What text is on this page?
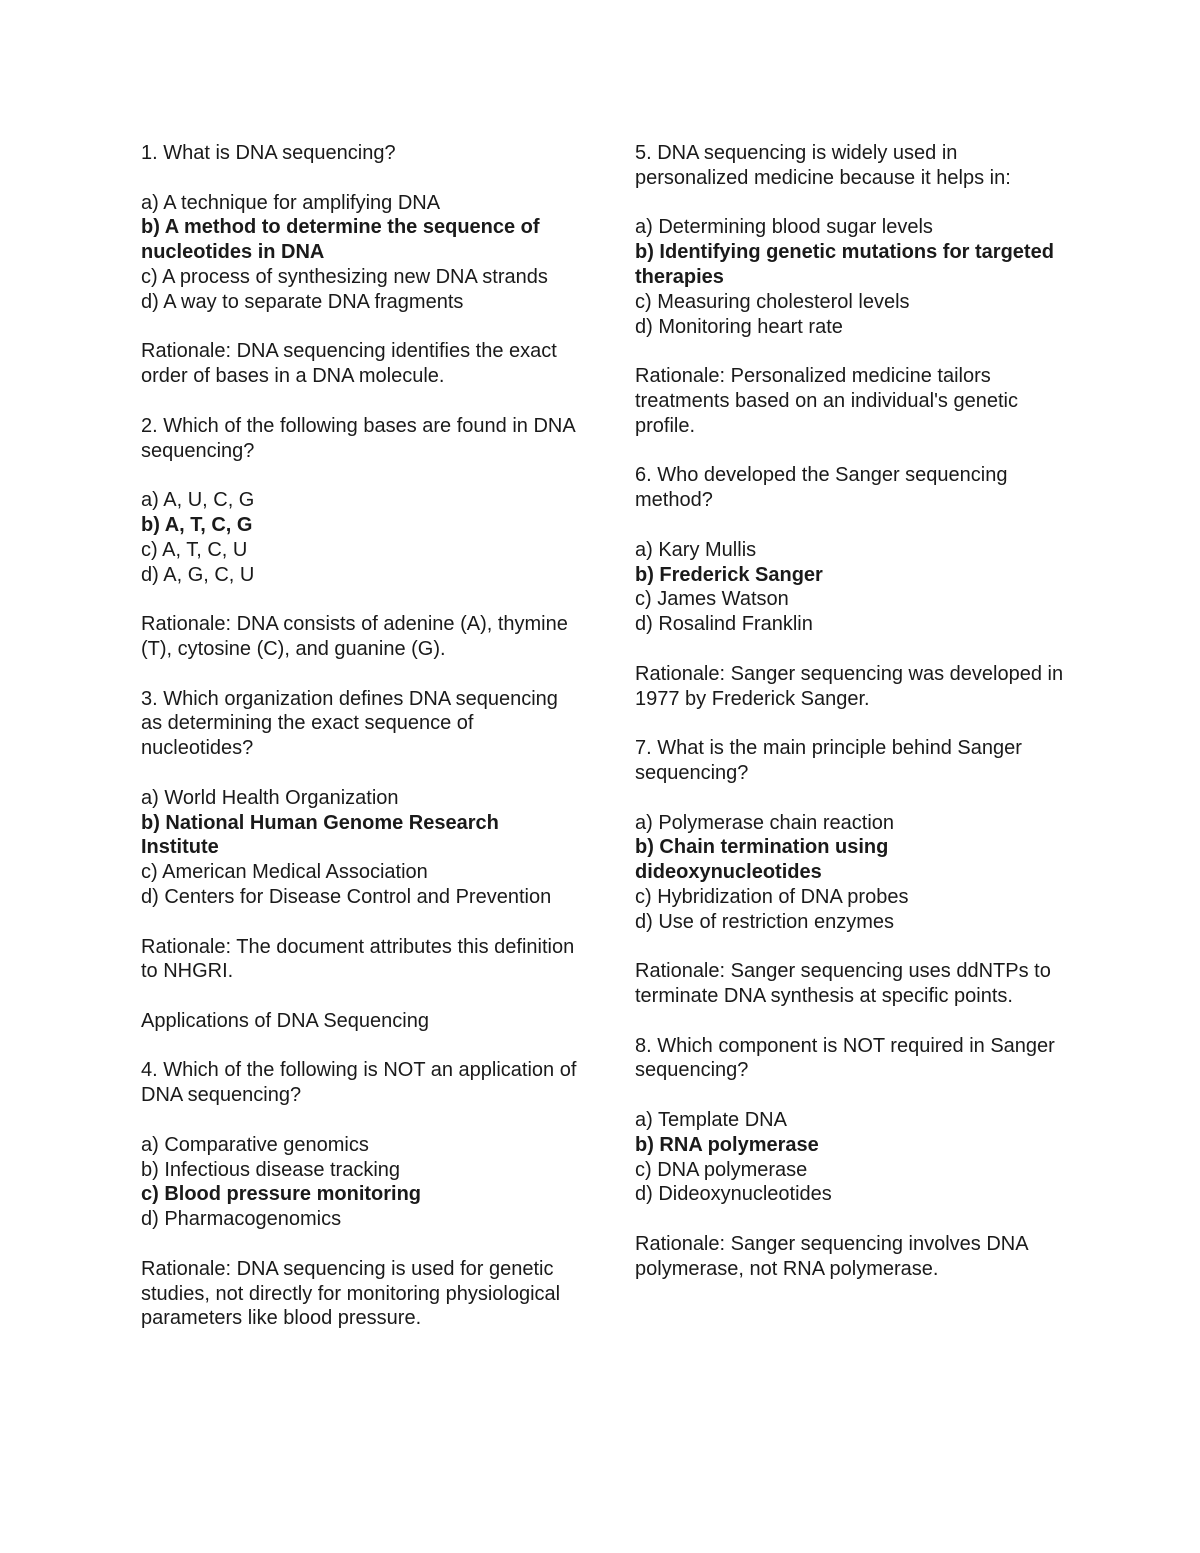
1. What is DNA sequencing?
a) A technique for amplifying DNA
b) A method to determine the sequence of nucleotides in DNA
c) A process of synthesizing new DNA strands
d) A way to separate DNA fragments
Rationale: DNA sequencing identifies the exact order of bases in a DNA molecule.
2. Which of the following bases are found in DNA sequencing?
a) A, U, C, G
b) A, T, C, G
c) A, T, C, U
d) A, G, C, U
Rationale: DNA consists of adenine (A), thymine (T), cytosine (C), and guanine (G).
3. Which organization defines DNA sequencing as determining the exact sequence of nucleotides?
a) World Health Organization
b) National Human Genome Research Institute
c) American Medical Association
d) Centers for Disease Control and Prevention
Rationale: The document attributes this definition to NHGRI.
Applications of DNA Sequencing
4. Which of the following is NOT an application of DNA sequencing?
a) Comparative genomics
b) Infectious disease tracking
c) Blood pressure monitoring
d) Pharmacogenomics
Rationale: DNA sequencing is used for genetic studies, not directly for monitoring physiological parameters like blood pressure.
5. DNA sequencing is widely used in personalized medicine because it helps in:
a) Determining blood sugar levels
b) Identifying genetic mutations for targeted therapies
c) Measuring cholesterol levels
d) Monitoring heart rate
Rationale: Personalized medicine tailors treatments based on an individual's genetic profile.
6. Who developed the Sanger sequencing method?
a) Kary Mullis
b) Frederick Sanger
c) James Watson
d) Rosalind Franklin
Rationale: Sanger sequencing was developed in 1977 by Frederick Sanger.
7. What is the main principle behind Sanger sequencing?
a) Polymerase chain reaction
b) Chain termination using dideoxynucleotides
c) Hybridization of DNA probes
d) Use of restriction enzymes
Rationale: Sanger sequencing uses ddNTPs to terminate DNA synthesis at specific points.
8. Which component is NOT required in Sanger sequencing?
a) Template DNA
b) RNA polymerase
c) DNA polymerase
d) Dideoxynucleotides
Rationale: Sanger sequencing involves DNA polymerase, not RNA polymerase.
